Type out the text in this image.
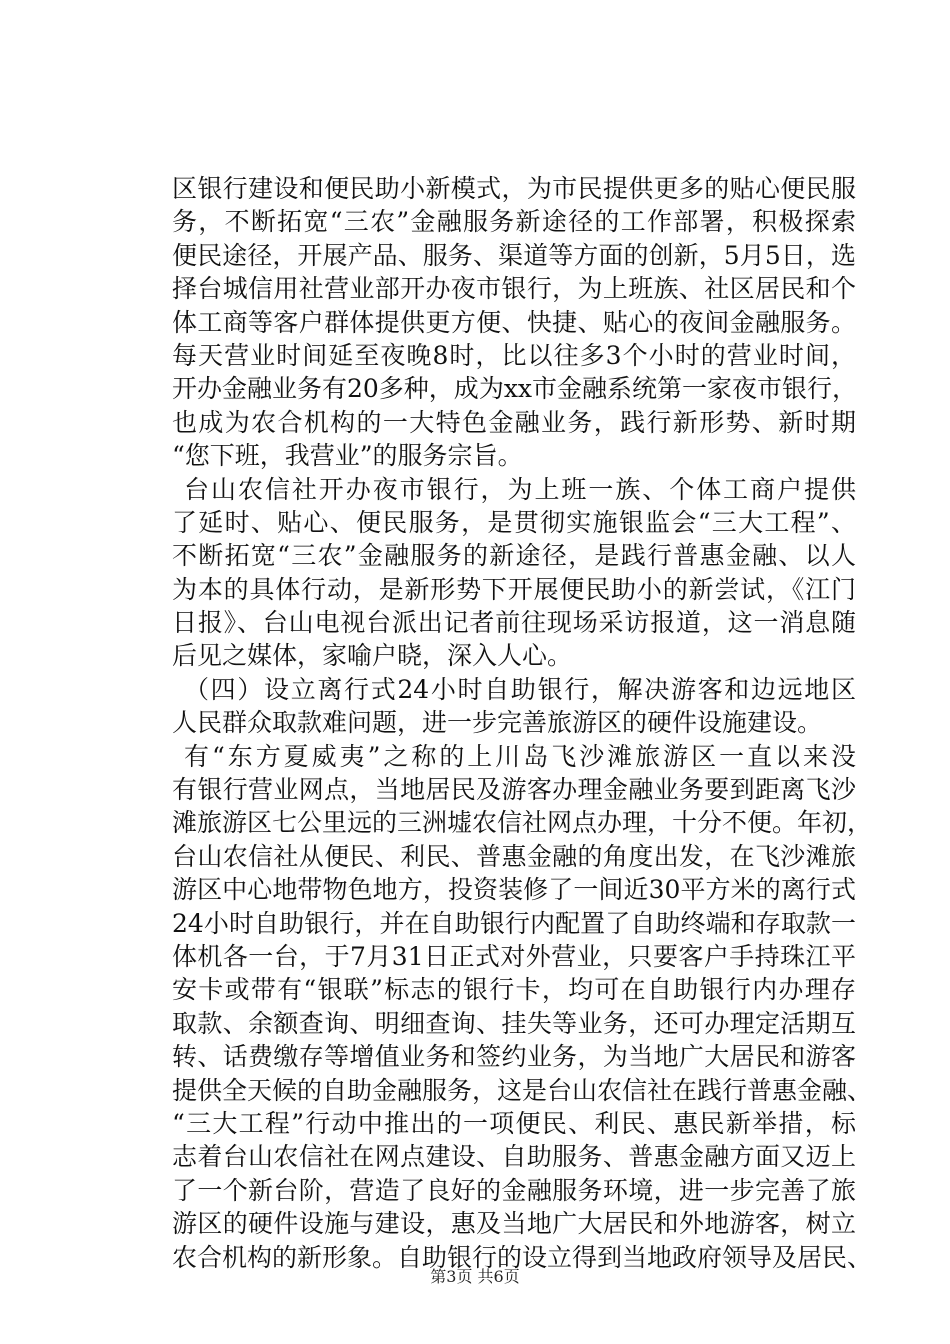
区银行建设和便民助小新模式，为市民提供更多的贴心便民服
务，不断拓宽“三农”金融服务新途径的工作部署，积极探索
便民途径，开展产品、服务、渠道等方面的创新，5月5日，选
择台城信用社营业部开办夜市银行，为上班族、社区居民和个
体工商等客户群体提供更方便、快捷、贴心的夜间金融服务。
每天营业时间延至夜晚8时，比以往多3个小时的营业时间，
开办金融业务有20多种，成为xx市金融系统第一家夜市银行，
也成为农合机构的一大特色金融业务，践行新形势、新时期
“您下班，我营业”的服务宗旨。
台山农信社开办夜市银行，为上班一族、个体工商户提供
了延时、贴心、便民服务，是贯彻实施银监会“三大工程”、
不断拓宽“三农”金融服务的新途径，是践行普惠金融、以人
为本的具体行动，是新形势下开展便民助小的新尝试，《江门
日报》、台山电视台派出记者前往现场采访报道，这一消息随
后见之媒体，家喻户晓，深入人心。
（四）设立离行式24小时自助银行，解决游客和边远地区
人民群众取款难问题，进一步完善旅游区的硬件设施建设。
有“东方夏威夷”之称的上川岛飞沙滩旅游区一直以来没
有银行营业网点，当地居民及游客办理金融业务要到距离飞沙
滩旅游区七公里远的三洲墟农信社网点办理，十分不便。年初，
台山农信社从便民、利民、普惠金融的角度出发，在飞沙滩旅
游区中心地带物色地方，投资装修了一间近30平方米的离行式
24小时自助银行，并在自助银行内配置了自助终端和存取款一
体机各一台，于7月31日正式对外营业，只要客户手持珠江平
安卡或带有“银联”标志的银行卡，均可在自助银行内办理存
取款、余额查询、明细查询、挂失等业务，还可办理定活期互
转、话费缴存等增值业务和签约业务，为当地广大居民和游客
提供全天候的自助金融服务，这是台山农信社在践行普惠金融、
“三大工程”行动中推出的一项便民、利民、惠民新举措，标
志着台山农信社在网点建设、自助服务、普惠金融方面又迈上
了一个新台阶，营造了良好的金融服务环境，进一步完善了旅
游区的硬件设施与建设，惠及当地广大居民和外地游客，树立
农合机构的新形象。自助银行的设立得到当地政府领导及居民、
第3页 共6页
